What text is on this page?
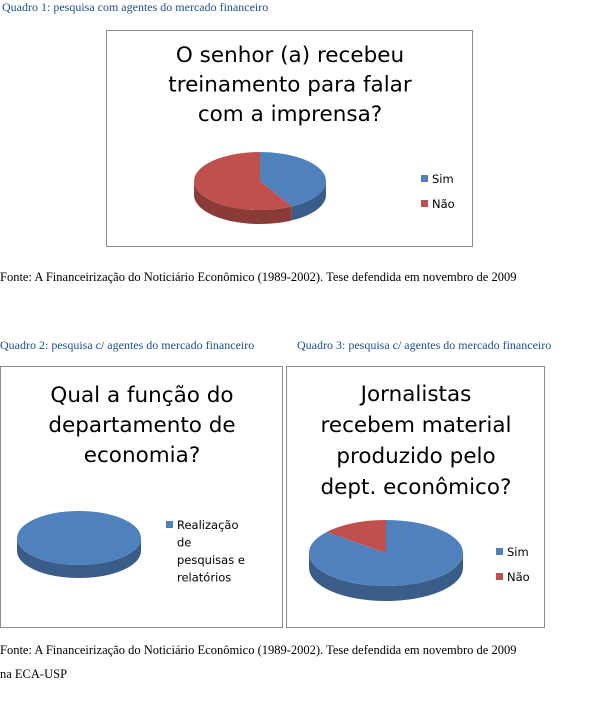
Quadro 1: pesquisa com agentes do mercado financeiro
O senhor (a) recebeu
treinamento para falar
com a imprensa?
Sim
Não
Fonte: A Financeirização do Noticiário Econômico (1989-2002). Tese defendida em novembro de 2009
Quadro 2: pesquisa c/ agentes do mercado financeiro	Quadro 3: pesquisa c/ agentes do mercado financeiro
Qual a função do
departamento de
economia?
Realização
de
pesquisas e
relatórios
Jornalistas
recebem material
produzido pelo
dept. econômico?
Sim
Não
Fonte: A Financeirização do Noticiário Econômico (1989-2002). Tese defendida em novembro de 2009
na ECA-USP
